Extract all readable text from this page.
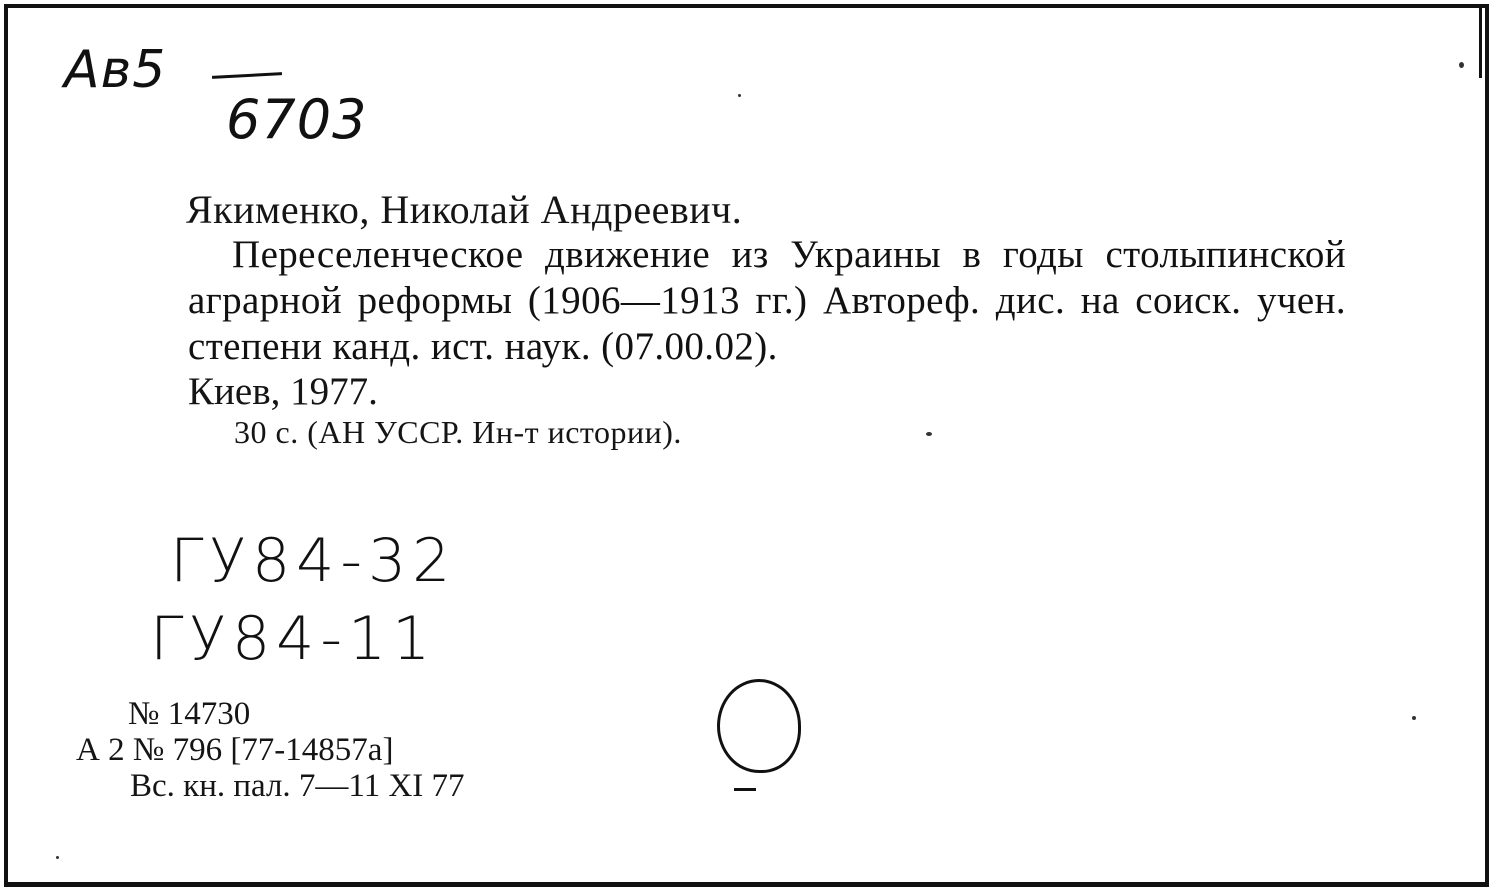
Ав5
6703
Якименко, Николай Андреевич.
Переселенческое движение из Украины в годы столыпинской аграрной реформы (1906—1913 гг.) Автореф. дис. на соиск. учен. степени канд. ист. наук. (07.00.02).
Киев, 1977.
30 с. (АН УССР. Ин-т истории).
ГУ84-32
ГУ84-11
№ 14730
А 2 № 796 [77-14857а]
Вс. кн. пал. 7—11 XI 77
